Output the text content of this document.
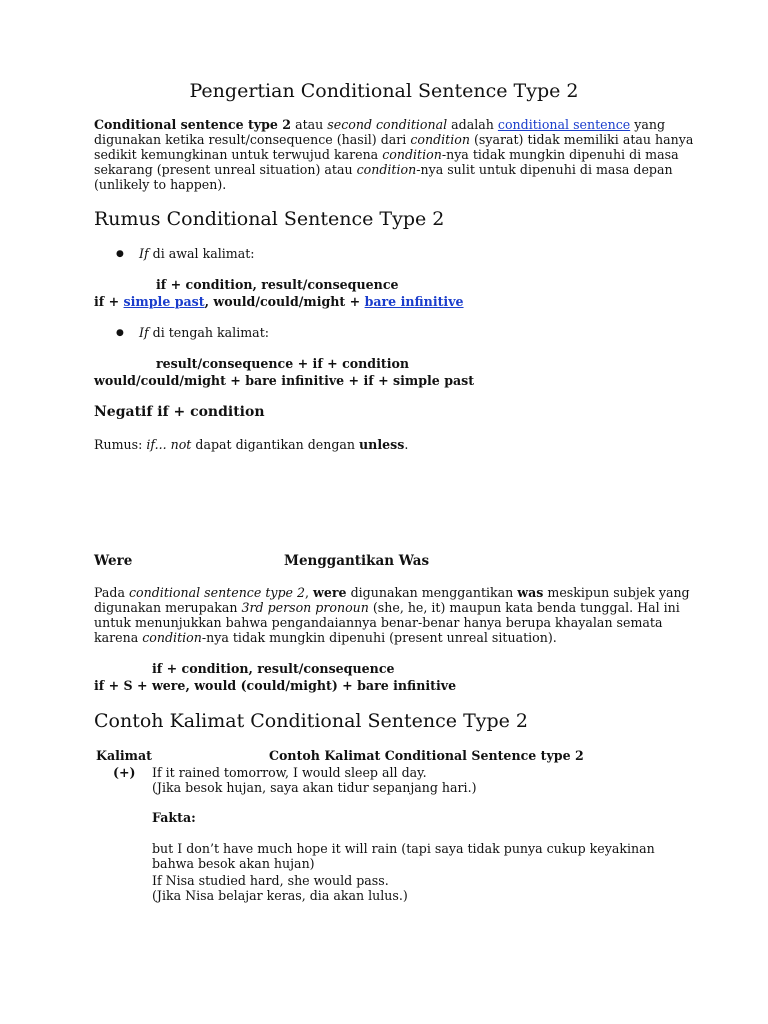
Pengertian Conditional Sentence Type 2
Conditional sentence type 2 atau second conditional adalah conditional sentence yang
digunakan ketika result/consequence (hasil) dari condition (syarat) tidak memiliki atau hanya
sedikit kemungkinan untuk terwujud karena condition-nya tidak mungkin dipenuhi di masa
sekarang (present unreal situation) atau condition-nya sulit untuk dipenuhi di masa depan
(unlikely to happen).
Rumus Conditional Sentence Type 2
● If di awal kalimat:
if + condition, result/consequence
if + simple past, would/could/might + bare infinitive
● If di tengah kalimat:
result/consequence + if + condition
would/could/might + bare infinitive + if + simple past
Negatif if + condition
Rumus: if... not dapat digantikan dengan unless.
Were	Menggantikan Was
Pada conditional sentence type 2, were digunakan menggantikan was meskipun subjek yang
digunakan merupakan 3rd person pronoun (she, he, it) maupun kata benda tunggal. Hal ini
untuk menunjukkan bahwa pengandaiannya benar-benar hanya berupa khayalan semata
karena condition-nya tidak mungkin dipenuhi (present unreal situation).
if + condition, result/consequence
if + S + were, would (could/might) + bare infinitive
Contoh Kalimat Conditional Sentence Type 2
Kalimat	Contoh Kalimat Conditional Sentence type 2
(+) If it rained tomorrow, I would sleep all day.
(Jika besok hujan, saya akan tidur sepanjang hari.)
Fakta:
but I don’t have much hope it will rain (tapi saya tidak punya cukup keyakinan
bahwa besok akan hujan)
If Nisa studied hard, she would pass.
(Jika Nisa belajar keras, dia akan lulus.)
